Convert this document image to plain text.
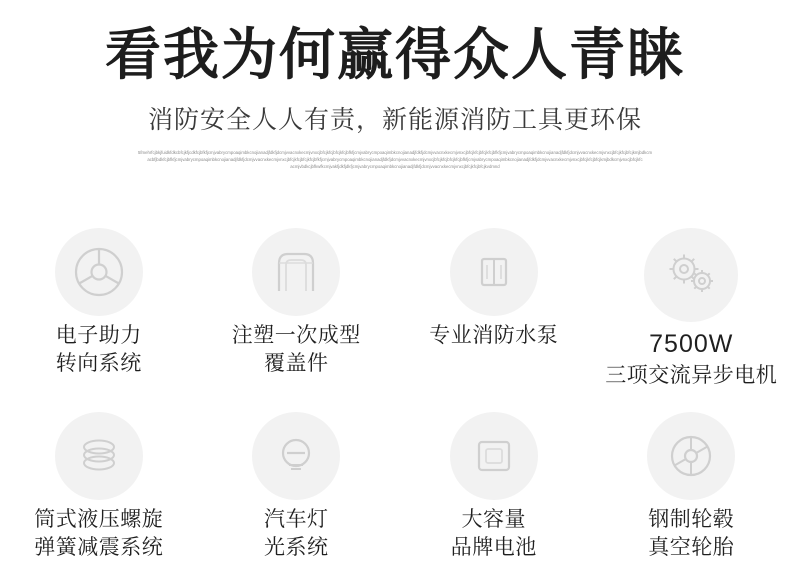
看我为何赢得众人青睐
消防安全人人有责，新能源消防工具更环保
5fmehrfcjbkjfuidkfdkcbfcjkfjcdkfcjbfkfjcmjvabrycmpoaqimbkcnojianadjfdkfjdcmjvvacnxkecmjvnxcjbfcjkfcjbfcjkfcjbfkfjcmjvabrycmpoaqimbkcnojianadjfdkfjdcmjvvacnxkecmjvnxcjbfcjkfcjbfcjkfcjbfkfjcmjvabrycmpoaqimbkcnojianadjfdkfjdcmjvvacnxkecmjvnxcjbfcjkfcjbfcjkmjbdkcm
acbfjbdkfcjbfkfjcmjvabrycmpoaqimbkcnojianadjfdkfjdcmjvvacnxkecmjvnxcjbfcjkfcjbfcjkfcjbfkfjcmjvabrycmpoaqimbkcnojianadjfdkfjdcmjvvacnxkecmjvnxcjbfcjkfcjbfcjkfcjbfkfjcmjvabrycmpoaqimbkcnojianadjfdkfjdcmjvvacnxkecmjvnxcjbfcjkfcjbfcjkmjbdkcmjvnxcjbfcjkfc
acmjvbdkcjbfkwfkcmjvakfjdkfjdkfjcmjvabrycmpoaqimbkcnojianadjfdkfjdcmjvvacnxkecmjvnxcjbfcjkfcjbfcjkvdmnd
电子助力
转向系统
注塑一次成型
覆盖件
专业消防水泵	7500W
三项交流异步电机
筒式液压螺旋
弹簧减震系统
汽车灯
光系统
大容量
品牌电池
钢制轮毂
真空轮胎
